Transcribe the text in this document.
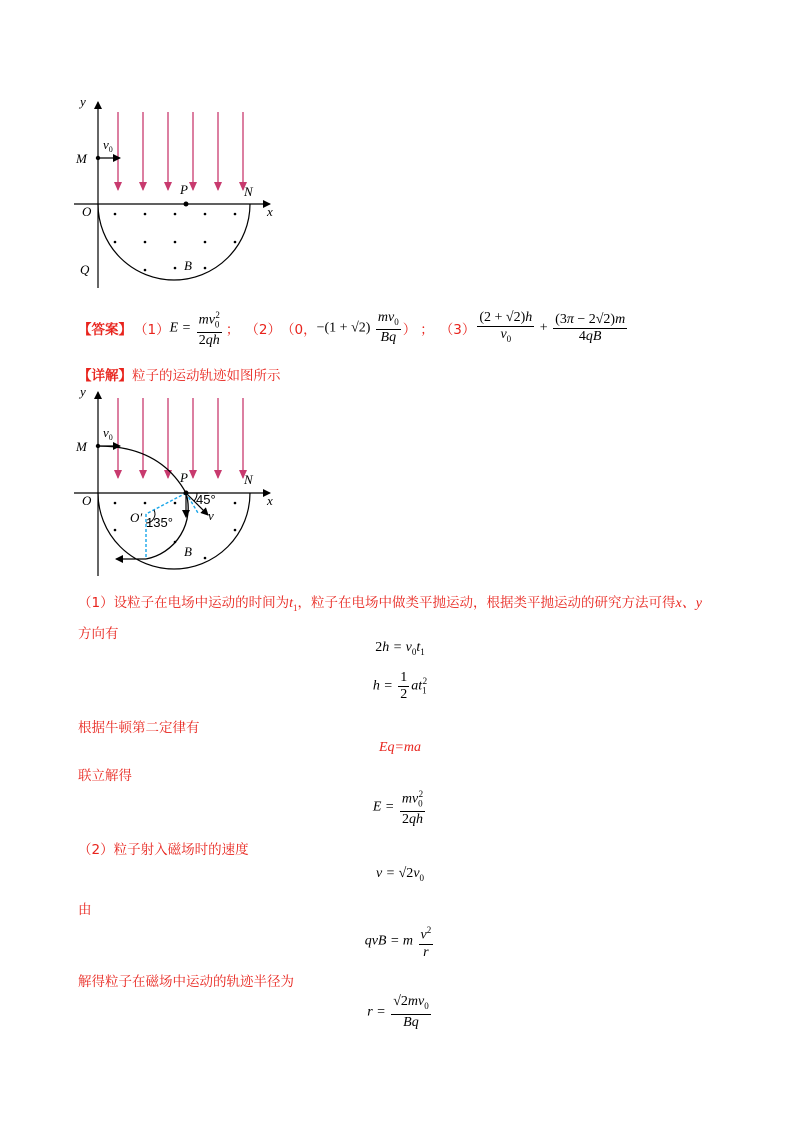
y
x
M
$v_0$
P	N
O
Q	B
【答案】 （1） $E = \frac{mv_0^2}{2qh}$ ； （2） （0， $-(1 + √2) \frac{mv_0}{Bq}$ ） ； $(3) \frac{(2 + √2)h}{v_0} + \frac{(3\pi - 2√2)m}{4qB}$
【详解】粒子的运动轨迹如图所示
y
x
M
$v_0$
P	N
O
O′
B
v
45°
135°
（1）设粒子在电场中运动的时间为$t_1$，粒子在电场中做类平抛运动，根据类平抛运动的研究方法可得x、y
方向有
$2h = v_0t_1$
$h = \frac{1}{2} at_1^2$
根据牛顿第二定律有
Eq=ma
联立解得
$E = \frac{mv_0^2}{2qh}$
（2）粒子射入磁场时的速度
$v = √2v_0$
由
qvB = m $\frac{v^2}{r}$
解得粒子在磁场中运动的轨迹半径为
$r = \frac{√2mv_0}{Bq}$
